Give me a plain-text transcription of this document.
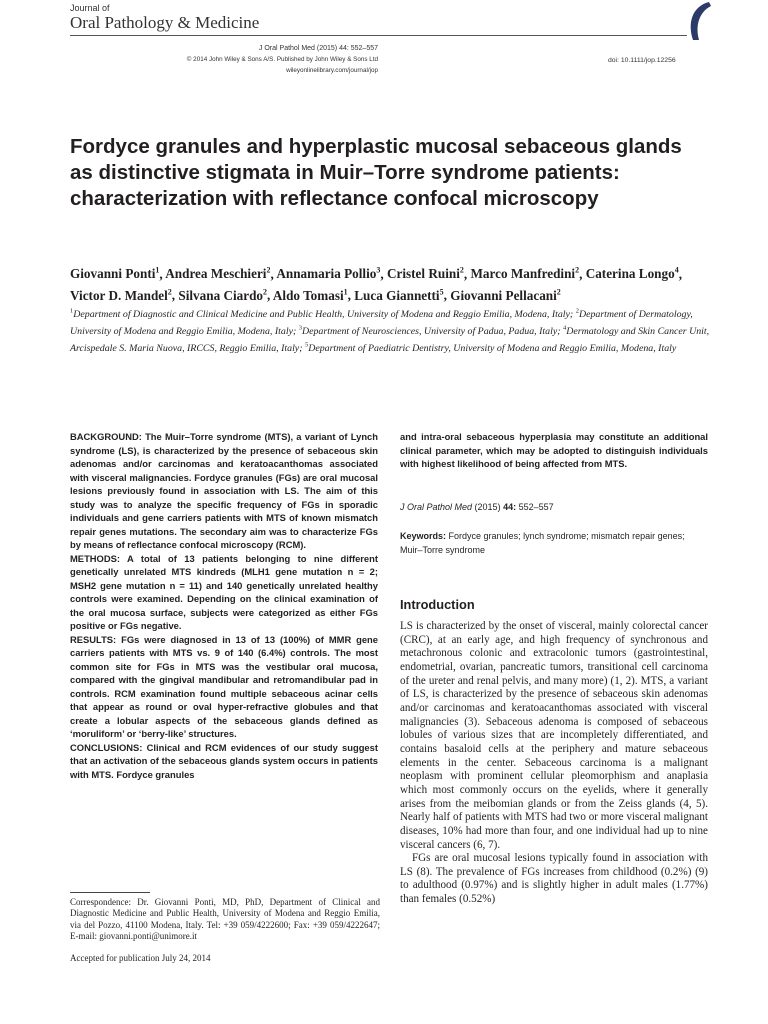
Journal of
Oral Pathology & Medicine
J Oral Pathol Med (2015) 44: 552–557
© 2014 John Wiley & Sons A/S. Published by John Wiley & Sons Ltd
wileyonlinelibrary.com/journal/jop
doi: 10.1111/jop.12256
Fordyce granules and hyperplastic mucosal sebaceous glands as distinctive stigmata in Muir–Torre syndrome patients: characterization with reflectance confocal microscopy
Giovanni Ponti$^1$, Andrea Meschieri$^2$, Annamaria Pollio$^3$, Cristel Ruini$^2$, Marco Manfredini$^2$, Caterina Longo$^4$, Victor D. Mandel$^2$, Silvana Ciardo$^2$, Aldo Tomasi$^1$, Luca Giannetti$^5$, Giovanni Pellacani$^2$
$^1$Department of Diagnostic and Clinical Medicine and Public Health, University of Modena and Reggio Emilia, Modena, Italy; $^2$Department of Dermatology, University of Modena and Reggio Emilia, Modena, Italy; $^3$Department of Neurosciences, University of Padua, Padua, Italy; $^4$Dermatology and Skin Cancer Unit, Arcispedale S. Maria Nuova, IRCCS, Reggio Emilia, Italy; $^5$Department of Paediatric Dentistry, University of Modena and Reggio Emilia, Modena, Italy

BACKGROUND: The Muir–Torre syndrome (MTS), a variant of Lynch syndrome (LS), is characterized by the presence of sebaceous skin adenomas and/or carcinomas and keratoacanthomas associated with visceral malignancies. Fordyce granules (FGs) are oral mucosal lesions previously found in association with LS. The aim of this study was to analyze the specific frequency of FGs in sporadic individuals and gene carriers patients with MTS of known mismatch repair genes mutations. The secondary aim was to characterize FGs by means of reflectance confocal microscopy (RCM).

METHODS: A total of 13 patients belonging to nine different genetically unrelated MTS kindreds (MLH1 gene mutation n = 2; MSH2 gene mutation n = 11) and 140 genetically unrelated healthy controls were examined. Depending on the clinical examination of the oral mucosa surface, subjects were categorized as either FGs positive or FGs negative.

RESULTS: FGs were diagnosed in 13 of 13 (100%) of MMR gene carriers patients with MTS vs. 9 of 140 (6.4%) controls. The most common site for FGs in MTS was the vestibular oral mucosa, compared with the gingival mandibular and retromandibular pad in controls. RCM examination found multiple sebaceous acinar cells that appear as round or oval hyper-refractive globules and that create a lobular aspects of the sebaceous glands defined as ‘moruliform’ or ‘berry-like’ structures.

CONCLUSIONS: Clinical and RCM evidences of our study suggest that an activation of the sebaceous glands system occurs in patients with MTS. Fordyce granules

and intra-oral sebaceous hyperplasia may constitute an additional clinical parameter, which may be adopted to distinguish individuals with highest likelihood of being affected from MTS.
J Oral Pathol Med (2015) 44: 552–557
Keywords: Fordyce granules; lynch syndrome; mismatch repair genes; Muir–Torre syndrome
Introduction

LS is characterized by the onset of visceral, mainly colorectal cancer (CRC), at an early age, and high frequency of synchronous and metachronous colonic and extracolonic tumors (gastrointestinal, endometrial, ovarian, pancreatic tumors, transitional cell carcinoma of the ureter and renal pelvis, and many more) (1, 2). MTS, a variant of LS, is characterized by the presence of sebaceous skin adenomas and/or carcinomas and keratoacanthomas associated with visceral malignancies (3). Sebaceous adenoma is composed of sebaceous lobules of various sizes that are incompletely differentiated, and contains basaloid cells at the periphery and mature sebaceous elements in the center. Sebaceous carcinoma is a malignant neoplasm with prominent cellular pleomorphism and anaplasia which most commonly occurs on the eyelids, where it generally arises from the meibomian glands or from the Zeiss glands (4, 5). Nearly half of patients with MTS had two or more visceral malignant diseases, 10% had more than four, and one individual had up to nine visceral cancers (6, 7).

FGs are oral mucosal lesions typically found in association with LS (8). The prevalence of FGs increases from childhood (0.2%) (9) to adulthood (0.97%) and is slightly higher in adult males (1.77%) than females (0.52%)

Correspondence: Dr. Giovanni Ponti, MD, PhD, Department of Clinical and Diagnostic Medicine and Public Health, University of Modena and Reggio Emilia, via del Pozzo, 41100 Modena, Italy. Tel: +39 059/4222600; Fax: +39 059/4222647; E-mail: giovanni.ponti@unimore.it
Accepted for publication July 24, 2014
